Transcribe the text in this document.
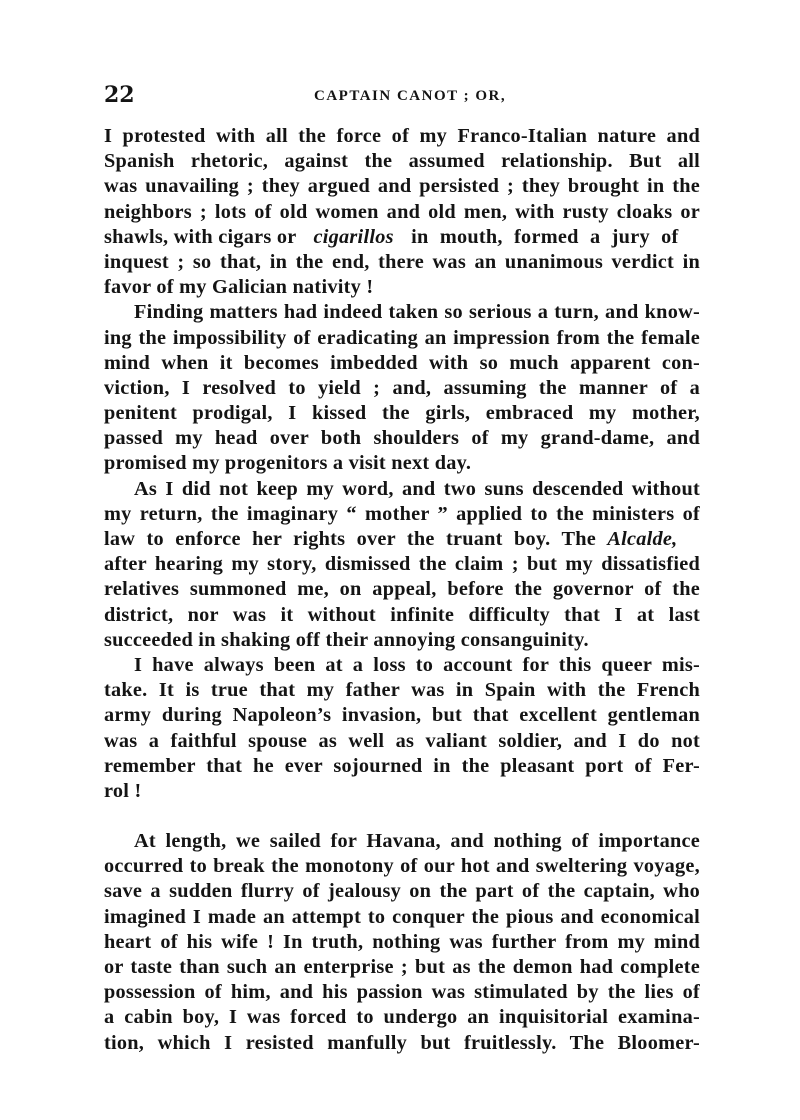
22	CAPTAIN CANOT ; OR,
I protested with all the force of my Franco-Italian nature and
Spanish rhetoric, against the assumed relationship. But all
was unavailing ; they argued and persisted ; they brought in the
neighbors ; lots of old women and old men, with rusty cloaks or
shawls, with cigars or cigarillos in mouth, formed a jury of
inquest ; so that, in the end, there was an unanimous verdict in
favor of my Galician nativity !
Finding matters had indeed taken so serious a turn, and know-
ing the impossibility of eradicating an impression from the female
mind when it becomes imbedded with so much apparent con-
viction, I resolved to yield ; and, assuming the manner of a
penitent prodigal, I kissed the girls, embraced my mother,
passed my head over both shoulders of my grand-dame, and
promised my progenitors a visit next day.
As I did not keep my word, and two suns descended without
my return, the imaginary “ mother ” applied to the ministers of
law to enforce her rights over the truant boy. The Alcalde,
after hearing my story, dismissed the claim ; but my dissatisfied
relatives summoned me, on appeal, before the governor of the
district, nor was it without infinite difficulty that I at last
succeeded in shaking off their annoying consanguinity.
I have always been at a loss to account for this queer mis-
take. It is true that my father was in Spain with the French
army during Napoleon’s invasion, but that excellent gentleman
was a faithful spouse as well as valiant soldier, and I do not
remember that he ever sojourned in the pleasant port of Fer-
rol !
At length, we sailed for Havana, and nothing of importance
occurred to break the monotony of our hot and sweltering voyage,
save a sudden flurry of jealousy on the part of the captain, who
imagined I made an attempt to conquer the pious and economical
heart of his wife ! In truth, nothing was further from my mind
or taste than such an enterprise ; but as the demon had complete
possession of him, and his passion was stimulated by the lies of
a cabin boy, I was forced to undergo an inquisitorial examina-
tion, which I resisted manfully but fruitlessly. The Bloomer-
